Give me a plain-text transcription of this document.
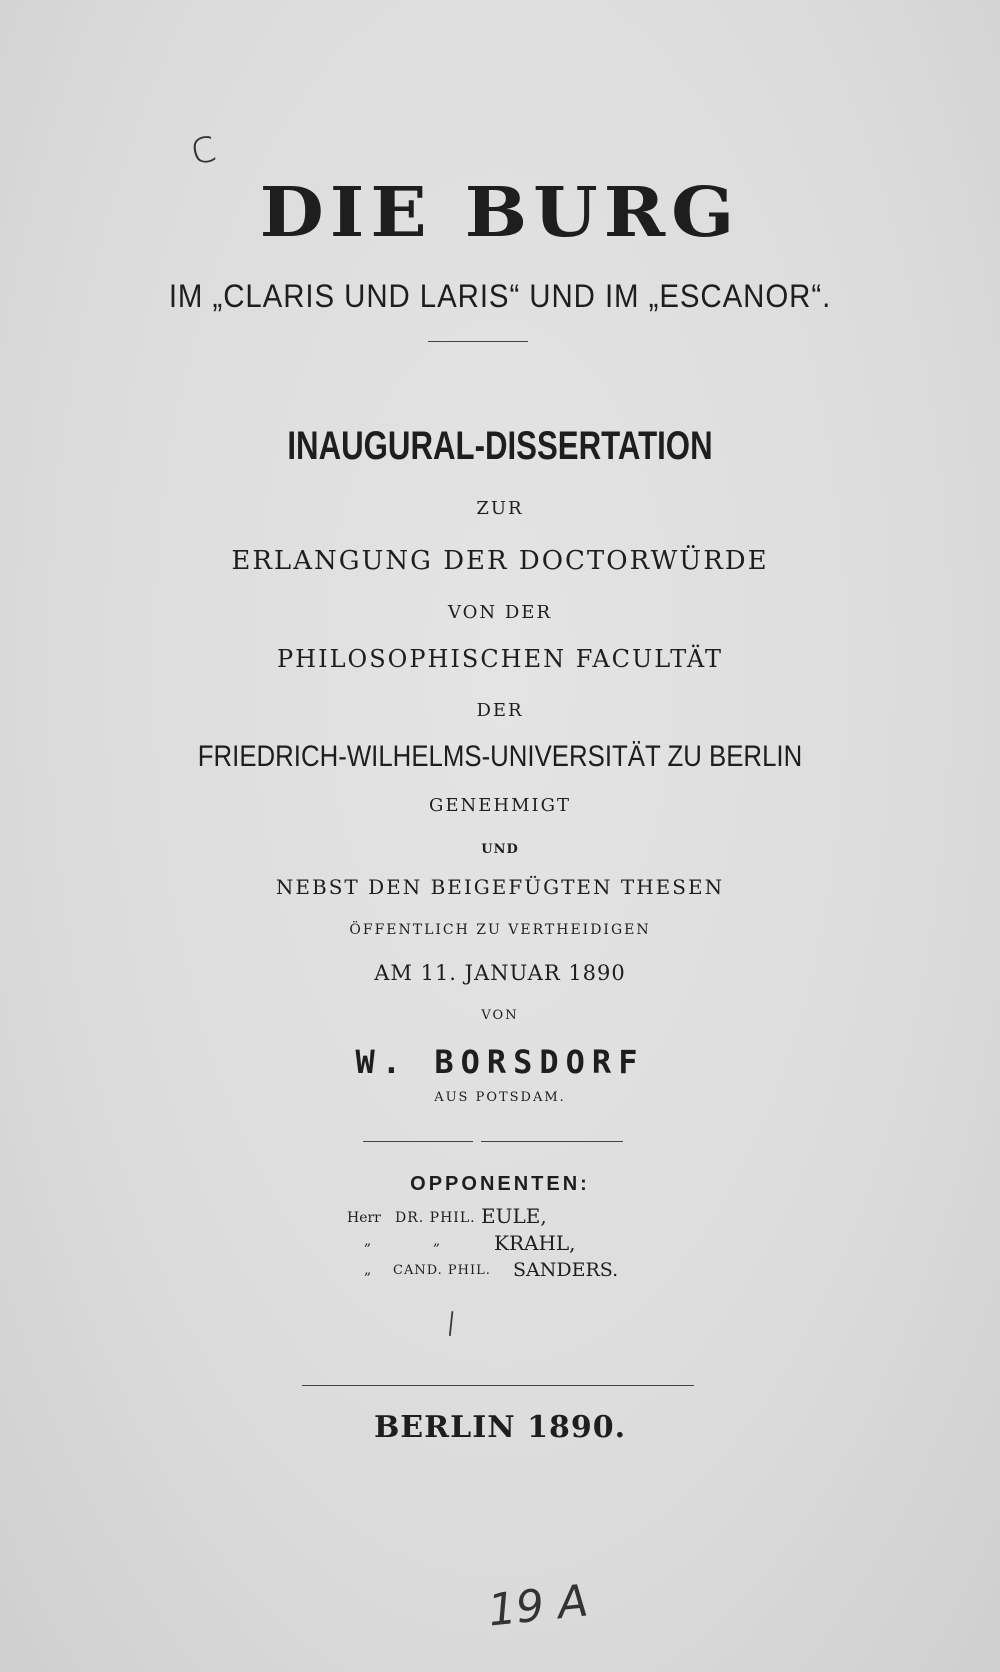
c
DIE BURG
IM „CLARIS UND LARIS“ UND IM „ESCANOR“.
INAUGURAL-DISSERTATION
ZUR
ERLANGUNG DER DOCTORWÜRDE
VON DER
PHILOSOPHISCHEN FACULTÄT
DER
FRIEDRICH-WILHELMS-UNIVERSITÄT ZU BERLIN
GENEHMIGT
UND
NEBST DEN BEIGEFÜGTEN THESEN
ÖFFENTLICH ZU VERTHEIDIGEN
AM 11. JANUAR 1890
VON
W. BORSDORF
AUS POTSDAM.
OPPONENTEN:
Herr DR. PHIL. EULE,
„	„	KRAHL,
„ CAND. PHIL. SANDERS.
I
BERLIN 1890.
19 A
